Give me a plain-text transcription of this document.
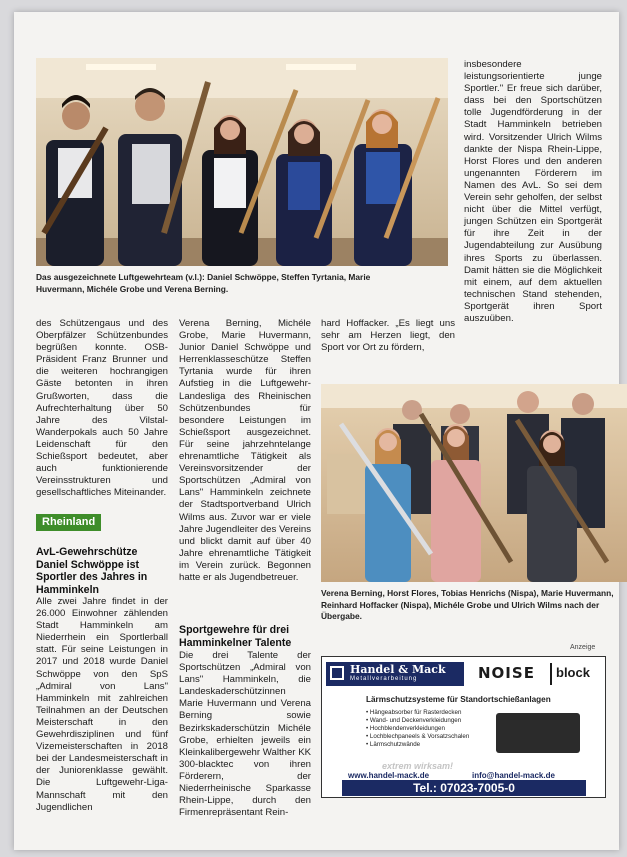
Das ausgezeichnete Luftgewehrteam (v.l.): Daniel Schwöppe, Steffen Tyrtania, Marie Huvermann, Michéle Grobe und Verena Berning.
insbesondere leistungsorientierte junge Sportler." Er freue sich darüber, dass bei den Sportschützen tolle Jugendförderung in der Stadt Hamminkeln betrieben wird. Vorsitzender Ulrich Wilms dankte der Nispa Rhein-Lippe, Horst Flores und den anderen ungenannten Förderern im Namen des AvL. So sei dem Verein sehr geholfen, der selbst nicht über die Mittel verfügt, jungen Schützen ein Sportgerät für ihre Zeit in der Jugendabteilung zur Ausübung ihres Sports zu überlassen. Damit hätten sie die Möglichkeit mit einem, auf dem aktuellen technischen Stand stehenden, Sportgerät ihren Sport auszuüben.
des Schützengaus und des Oberpfälzer Schützenbundes begrüßen konnte. OSB-Präsident Franz Brunner und die weiteren hochrangigen Gäste betonten in ihren Grußworten, dass die Aufrechterhaltung über 50 Jahre des Vilstal-Wanderpokals auch 50 Jahre Leidenschaft für den Schießsport bedeutet, aber auch funktionierende Vereinsstrukturen und gesellschaftliches Miteinander.
Rheinland
AvL-Gewehrschütze Daniel Schwöppe ist Sportler des Jahres in Hamminkeln
Alle zwei Jahre findet in der 26.000 Einwohner zählenden Stadt Hamminkeln am Niederrhein ein Sportlerball statt. Für seine Leistungen in 2017 und 2018 wurde Daniel Schwöppe von den SpS „Admiral von Lans" Hamminkeln mit zahlreichen Teilnahmen an der Deutschen Meisterschaft in den Gewehrdisziplinen und fünf Vizemeisterschaften in 2018 bei der Landesmeisterschaft in der Juniorenklasse gewählt. Die Luftgewehr-Liga-Mannschaft mit den Jugendlichen
Verena Berning, Michéle Grobe, Marie Huvermann, Junior Daniel Schwöppe und Herrenklasseschütze Steffen Tyrtania wurde für ihren Aufstieg in die Luftgewehr-Landesliga des Rheinischen Schützenbundes für besondere Leistungen im Schießsport ausgezeichnet. Für seine jahrzehntelange ehrenamtliche Tätigkeit als Vereinsvorsitzender der Sportschützen „Admiral von Lans" Hamminkeln zeichnete der Stadtsportverband Ulrich Wilms aus. Zuvor war er viele Jahre Jugendleiter des Vereins und blickt damit auf über 40 Jahre ehrenamtliche Tätigkeit im Verein zurück. Begonnen hatte er als Jugendbetreuer.
Sportgewehre für drei Hamminkelner Talente
Die drei Talente der Sportschützen „Admiral von Lans" Hamminkeln, die Landeskaderschützinnen Marie Huvermann und Verena Berning sowie Bezirkskaderschützin Michéle Grobe, erhielten jeweils ein Kleinkalibergewehr Walther KK 300-blacktec von ihren Förderern, der Niederrheinische Sparkasse Rhein-Lippe, durch den Firmenrepräsentant Rein-
hard Hoffacker. „Es liegt uns sehr am Herzen liegt, den Sport vor Ort zu fördern,
Verena Berning, Horst Flores, Tobias Henrichs (Nispa), Marie Huvermann, Reinhard Hoffacker (Nispa), Michéle Grobe und Ulrich Wilms nach der Übergabe.
Anzeige
Handel & Mack
Metallverarbeitung	NOISE block
Lärmschutzsysteme für Standortschießanlagen
• Hängeabsorber für Rasterdecken
• Wand- und Deckenverkleidungen
• Hochblendenverkleidungen
• Lochblechpaneels & Vorsatzschalen
• Lärmschutzwände
extrem wirksam!
www.handel-mack.de	info@handel-mack.de
Tel.: 07023-7005-0
